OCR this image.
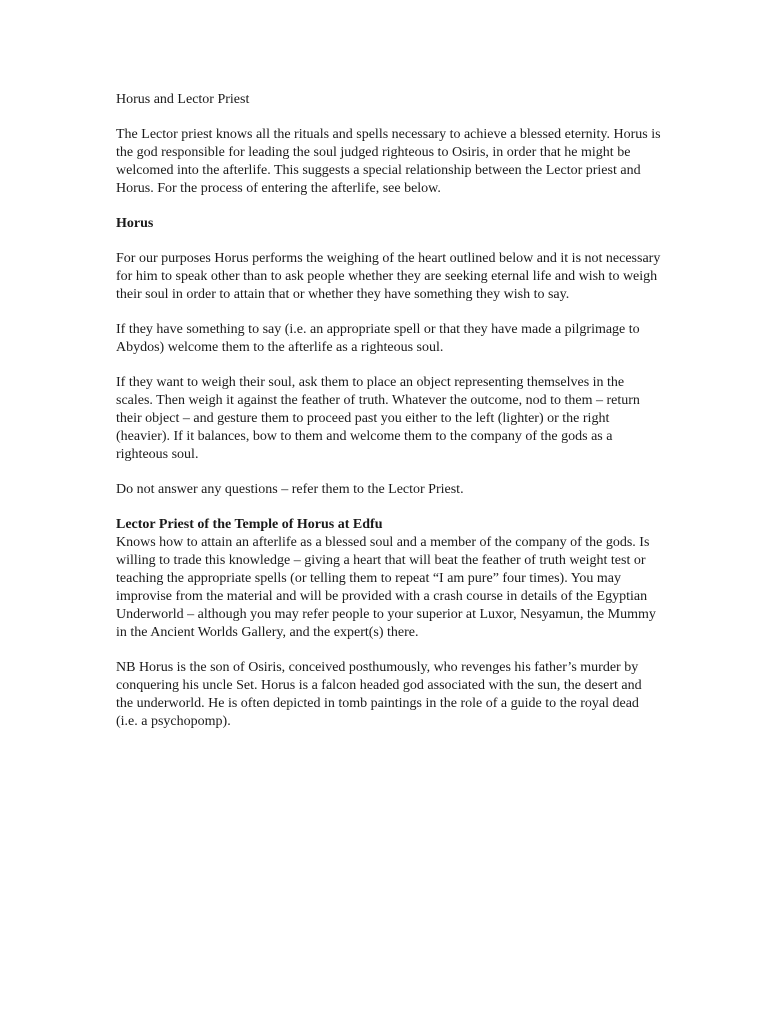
Horus and Lector Priest

The Lector priest knows all the rituals and spells necessary to achieve a blessed eternity. Horus is the god responsible for leading the soul judged righteous to Osiris, in order that he might be welcomed into the afterlife. This suggests a special relationship between the Lector priest and Horus. For the process of entering the afterlife, see below.

Horus

For our purposes Horus performs the weighing of the heart outlined below and it is not necessary for him to speak other than to ask people whether they are seeking eternal life and wish to weigh their soul in order to attain that or whether they have something they wish to say.

If they have something to say (i.e. an appropriate spell or that they have made a pilgrimage to Abydos) welcome them to the afterlife as a righteous soul.

If they want to weigh their soul, ask them to place an object representing themselves in the scales. Then weigh it against the feather of truth. Whatever the outcome, nod to them – return their object – and gesture them to proceed past you either to the left (lighter) or the right (heavier). If it balances, bow to them and welcome them to the company of the gods as a righteous soul.

Do not answer any questions – refer them to the Lector Priest.

Lector Priest of the Temple of Horus at Edfu

Knows how to attain an afterlife as a blessed soul and a member of the company of the gods. Is willing to trade this knowledge – giving a heart that will beat the feather of truth weight test or teaching the appropriate spells (or telling them to repeat “I am pure” four times). You may improvise from the material and will be provided with a crash course in details of the Egyptian Underworld – although you may refer people to your superior at Luxor, Nesyamun, the Mummy in the Ancient Worlds Gallery, and the expert(s) there.

NB Horus is the son of Osiris, conceived posthumously, who revenges his father’s murder by conquering his uncle Set. Horus is a falcon headed god associated with the sun, the desert and the underworld. He is often depicted in tomb paintings in the role of a guide to the royal dead (i.e. a psychopomp).
